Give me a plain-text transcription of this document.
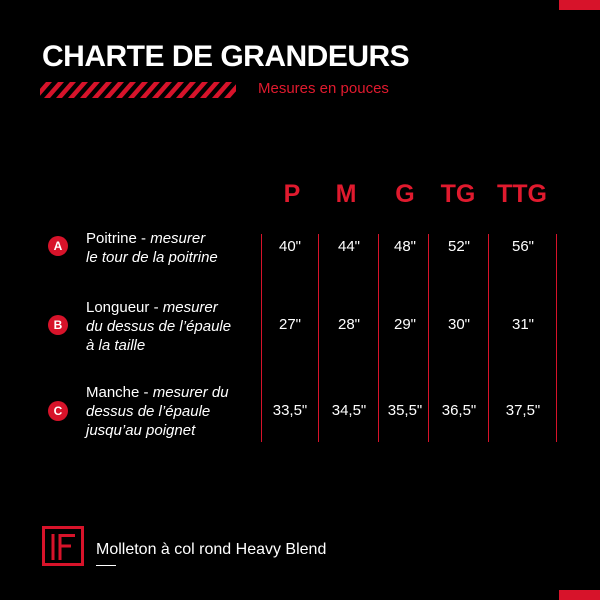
CHARTE DE GRANDEURS
Mesures en pouces
P	M	G	TG TTG
A	Poitrine - mesurer
le tour de la poitrine
40"	44"	48"	52"	56"
B
Longueur - mesurer
du dessus de l’épaule
à la taille
27"	28"	29"	30"	31"
C
Manche - mesurer du
dessus de l’épaule
jusqu’au poignet
33,5"	34,5"	35,5"	36,5"	37,5"
Molleton à col rond Heavy Blend
